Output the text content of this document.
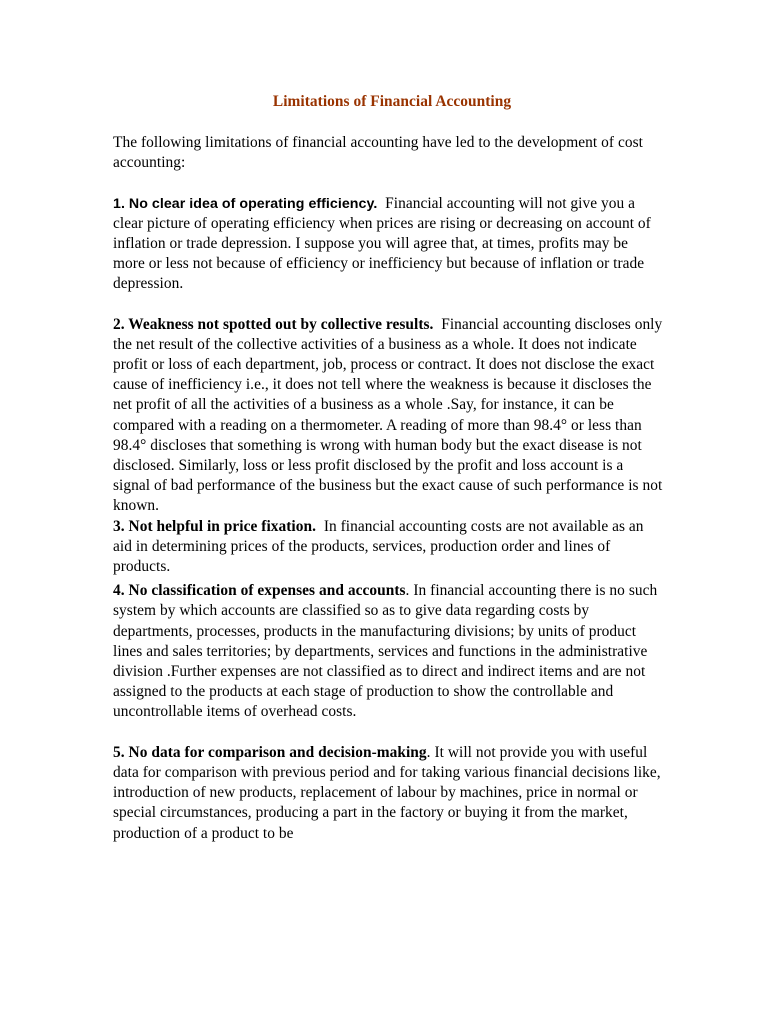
Limitations of Financial Accounting

The following limitations of financial accounting have led to the development of cost accounting:

1. No clear idea of operating efficiency. Financial accounting will not give you a clear picture of operating efficiency when prices are rising or decreasing on account of inflation or trade depression. I suppose you will agree that, at times, profits may be more or less not because of efficiency or inefficiency but because of inflation or trade depression.

2. Weakness not spotted out by collective results. Financial accounting discloses only the net result of the collective activities of a business as a whole. It does not indicate profit or loss of each department, job, process or contract. It does not disclose the exact cause of inefficiency i.e., it does not tell where the weakness is because it discloses the net profit of all the activities of a business as a whole .Say, for instance, it can be compared with a reading on a thermometer. A reading of more than 98.4° or less than 98.4° discloses that something is wrong with human body but the exact disease is not disclosed. Similarly, loss or less profit disclosed by the profit and loss account is a signal of bad performance of the business but the exact cause of such performance is not known.

3. Not helpful in price fixation. In financial accounting costs are not available as an aid in determining prices of the products, services, production order and lines of products.

4. No classification of expenses and accounts. In financial accounting there is no such system by which accounts are classified so as to give data regarding costs by departments, processes, products in the manufacturing divisions; by units of product lines and sales territories; by departments, services and functions in the administrative division .Further expenses are not classified as to direct and indirect items and are not assigned to the products at each stage of production to show the controllable and uncontrollable items of overhead costs.

5. No data for comparison and decision-making. It will not provide you with useful data for comparison with previous period and for taking various financial decisions like, introduction of new products, replacement of labour by machines, price in normal or special circumstances, producing a part in the factory or buying it from the market, production of a product to be
